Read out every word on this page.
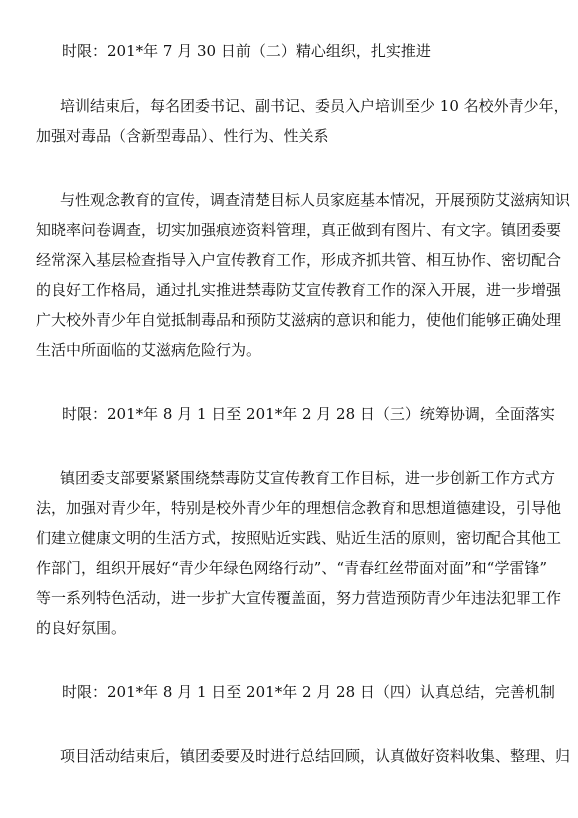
时限：201*年 7 月 30 日前（二）精心组织，扎实推进

培训结束后，每名团委书记、副书记、委员入户培训至少 10 名校外青少年，
加强对毒品（含新型毒品）、性行为、性关系

与性观念教育的宣传，调查清楚目标人员家庭基本情况，开展预防艾滋病知识
知晓率问卷调查，切实加强痕迹资料管理，真正做到有图片、有文字。镇团委要
经常深入基层检查指导入户宣传教育工作，形成齐抓共管、相互协作、密切配合
的良好工作格局，通过扎实推进禁毒防艾宣传教育工作的深入开展，进一步增强
广大校外青少年自觉抵制毒品和预防艾滋病的意识和能力，使他们能够正确处理
生活中所面临的艾滋病危险行为。

时限：201*年 8 月 1 日至 201*年 2 月 28 日（三）统筹协调，全面落实

镇团委支部要紧紧围绕禁毒防艾宣传教育工作目标，进一步创新工作方式方
法，加强对青少年，特别是校外青少年的理想信念教育和思想道德建设，引导他
们建立健康文明的生活方式，按照贴近实践、贴近生活的原则，密切配合其他工
作部门，组织开展好“青少年绿色网络行动”、“青春红丝带面对面”和“学雷锋”
等一系列特色活动，进一步扩大宣传覆盖面，努力营造预防青少年违法犯罪工作
的良好氛围。

时限：201*年 8 月 1 日至 201*年 2 月 28 日（四）认真总结，完善机制

项目活动结束后，镇团委要及时进行总结回顾，认真做好资料收集、整理、归
